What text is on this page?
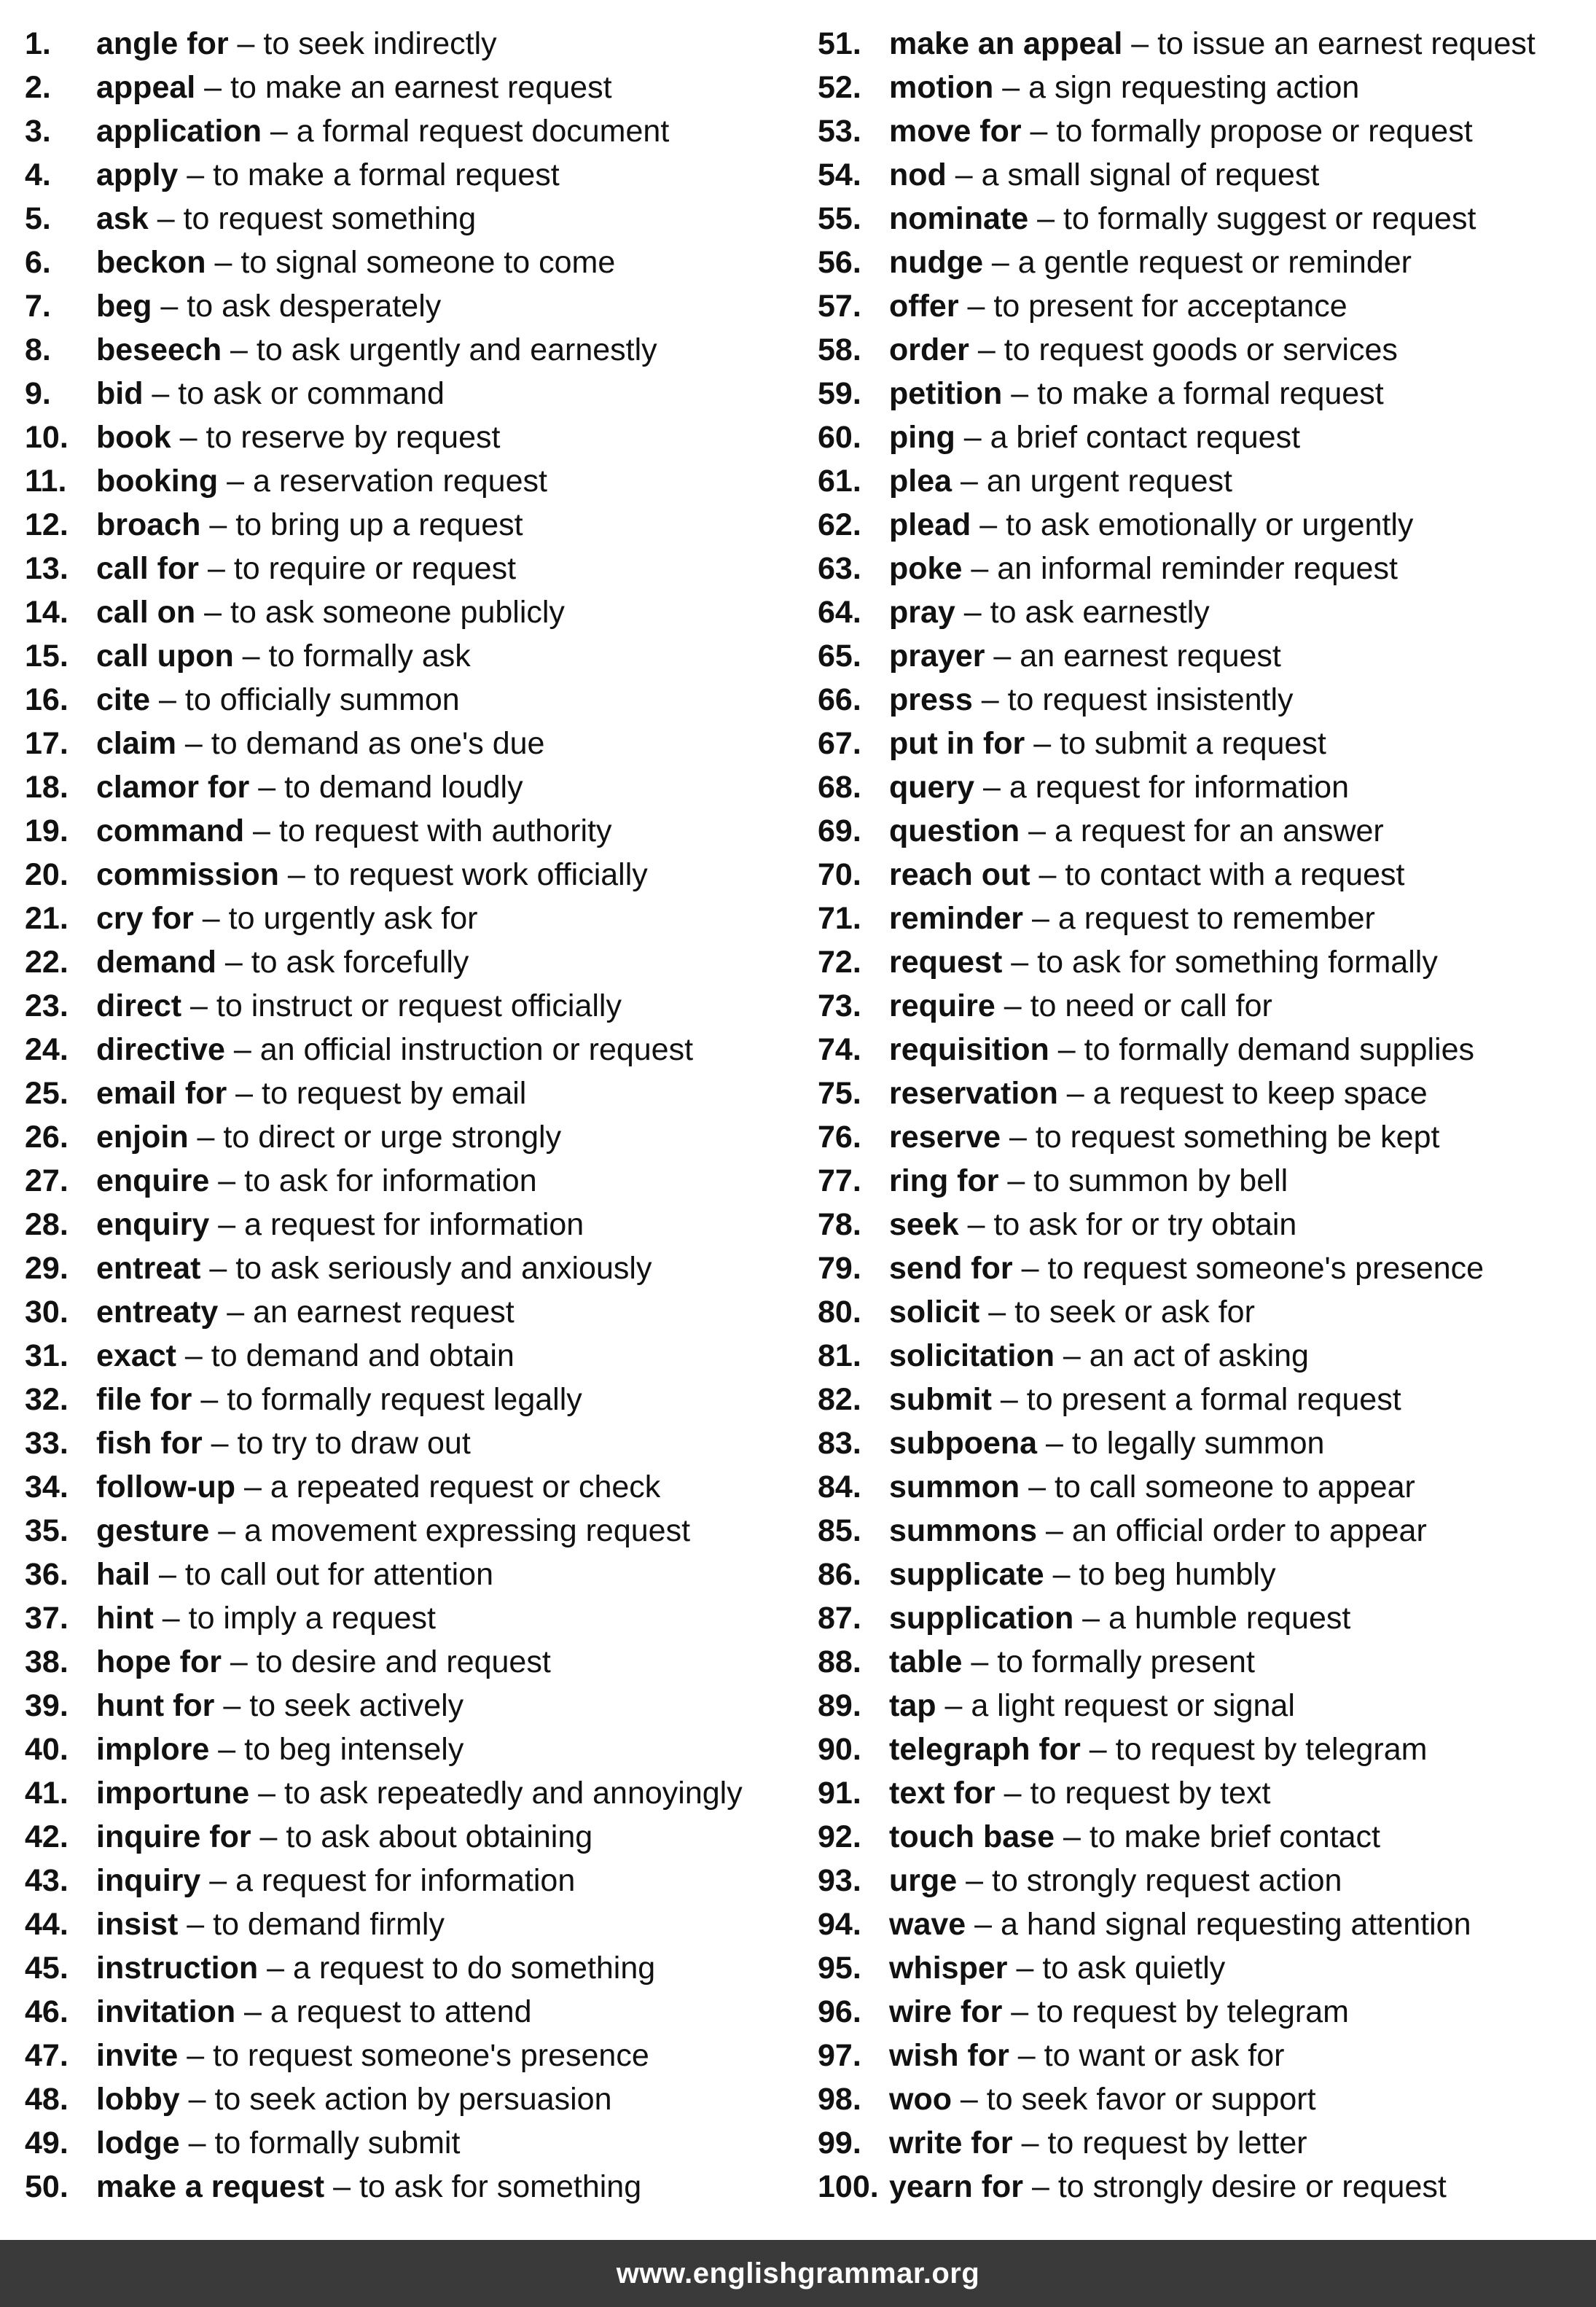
1. angle for – to seek indirectly
2. appeal – to make an earnest request
3. application – a formal request document
4. apply – to make a formal request
5. ask – to request something
6. beckon – to signal someone to come
7. beg – to ask desperately
8. beseech – to ask urgently and earnestly
9. bid – to ask or command
10. book – to reserve by request
11. booking – a reservation request
12. broach – to bring up a request
13. call for – to require or request
14. call on – to ask someone publicly
15. call upon – to formally ask
16. cite – to officially summon
17. claim – to demand as one's due
18. clamor for – to demand loudly
19. command – to request with authority
20. commission – to request work officially
21. cry for – to urgently ask for
22. demand – to ask forcefully
23. direct – to instruct or request officially
24. directive – an official instruction or request
25. email for – to request by email
26. enjoin – to direct or urge strongly
27. enquire – to ask for information
28. enquiry – a request for information
29. entreat – to ask seriously and anxiously
30. entreaty – an earnest request
31. exact – to demand and obtain
32. file for – to formally request legally
33. fish for – to try to draw out
34. follow-up – a repeated request or check
35. gesture – a movement expressing request
36. hail – to call out for attention
37. hint – to imply a request
38. hope for – to desire and request
39. hunt for – to seek actively
40. implore – to beg intensely
41. importune – to ask repeatedly and annoyingly
42. inquire for – to ask about obtaining
43. inquiry – a request for information
44. insist – to demand firmly
45. instruction – a request to do something
46. invitation – a request to attend
47. invite – to request someone's presence
48. lobby – to seek action by persuasion
49. lodge – to formally submit
50. make a request – to ask for something
51. make an appeal – to issue an earnest request
52. motion – a sign requesting action
53. move for – to formally propose or request
54. nod – a small signal of request
55. nominate – to formally suggest or request
56. nudge – a gentle request or reminder
57. offer – to present for acceptance
58. order – to request goods or services
59. petition – to make a formal request
60. ping – a brief contact request
61. plea – an urgent request
62. plead – to ask emotionally or urgently
63. poke – an informal reminder request
64. pray – to ask earnestly
65. prayer – an earnest request
66. press – to request insistently
67. put in for – to submit a request
68. query – a request for information
69. question – a request for an answer
70. reach out – to contact with a request
71. reminder – a request to remember
72. request – to ask for something formally
73. require – to need or call for
74. requisition – to formally demand supplies
75. reservation – a request to keep space
76. reserve – to request something be kept
77. ring for – to summon by bell
78. seek – to ask for or try obtain
79. send for – to request someone's presence
80. solicit – to seek or ask for
81. solicitation – an act of asking
82. submit – to present a formal request
83. subpoena – to legally summon
84. summon – to call someone to appear
85. summons – an official order to appear
86. supplicate – to beg humbly
87. supplication – a humble request
88. table – to formally present
89. tap – a light request or signal
90. telegraph for – to request by telegram
91. text for – to request by text
92. touch base – to make brief contact
93. urge – to strongly request action
94. wave – a hand signal requesting attention
95. whisper – to ask quietly
96. wire for – to request by telegram
97. wish for – to want or ask for
98. woo – to seek favor or support
99. write for – to request by letter
100. yearn for – to strongly desire or request
www.englishgrammar.org
